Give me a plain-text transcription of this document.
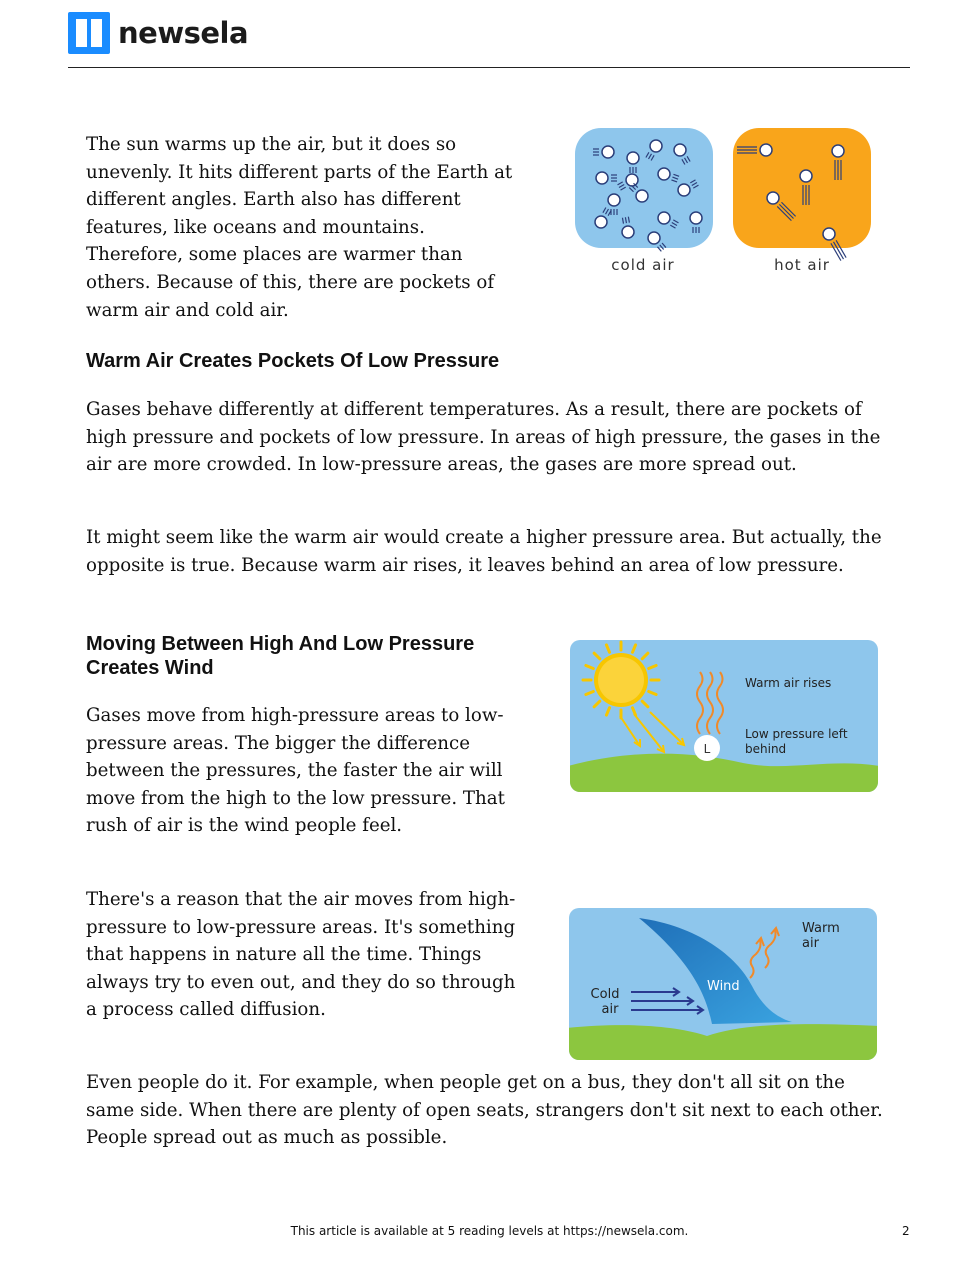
newsela

The sun warms up the air, but it does so unevenly. It hits different parts of the Earth at different angles. Earth also has different features, like oceans and mountains. Therefore, some places are warmer than others. Because of this, there are pockets of warm air and cold air.

cold air	hot air
Warm Air Creates Pockets Of Low Pressure

Gases behave differently at different temperatures. As a result, there are pockets of high pressure and pockets of low pressure. In areas of high pressure, the gases in the air are more crowded. In low-pressure areas, the gases are more spread out.

It might seem like the warm air would create a higher pressure area. But actually, the opposite is true. Because warm air rises, it leaves behind an area of low pressure.

Moving Between High And Low Pressure Creates Wind
L
Warm air rises
Low pressure left
behind

Gases move from high-pressure areas to low-pressure areas. The bigger the difference between the pressures, the faster the air will move from the high to the low pressure. That rush of air is the wind people feel.

There's a reason that the air moves from high-pressure to low-pressure areas. It's something that happens in nature all the time. Things always try to even out, and they do so through a process called diffusion.

Wind
Cold
air
Warm
air

Even people do it. For example, when people get on a bus, they don't all sit on the same side. When there are plenty of open seats, strangers don't sit next to each other. People spread out as much as possible.

This article is available at 5 reading levels at https://newsela.com.	2
